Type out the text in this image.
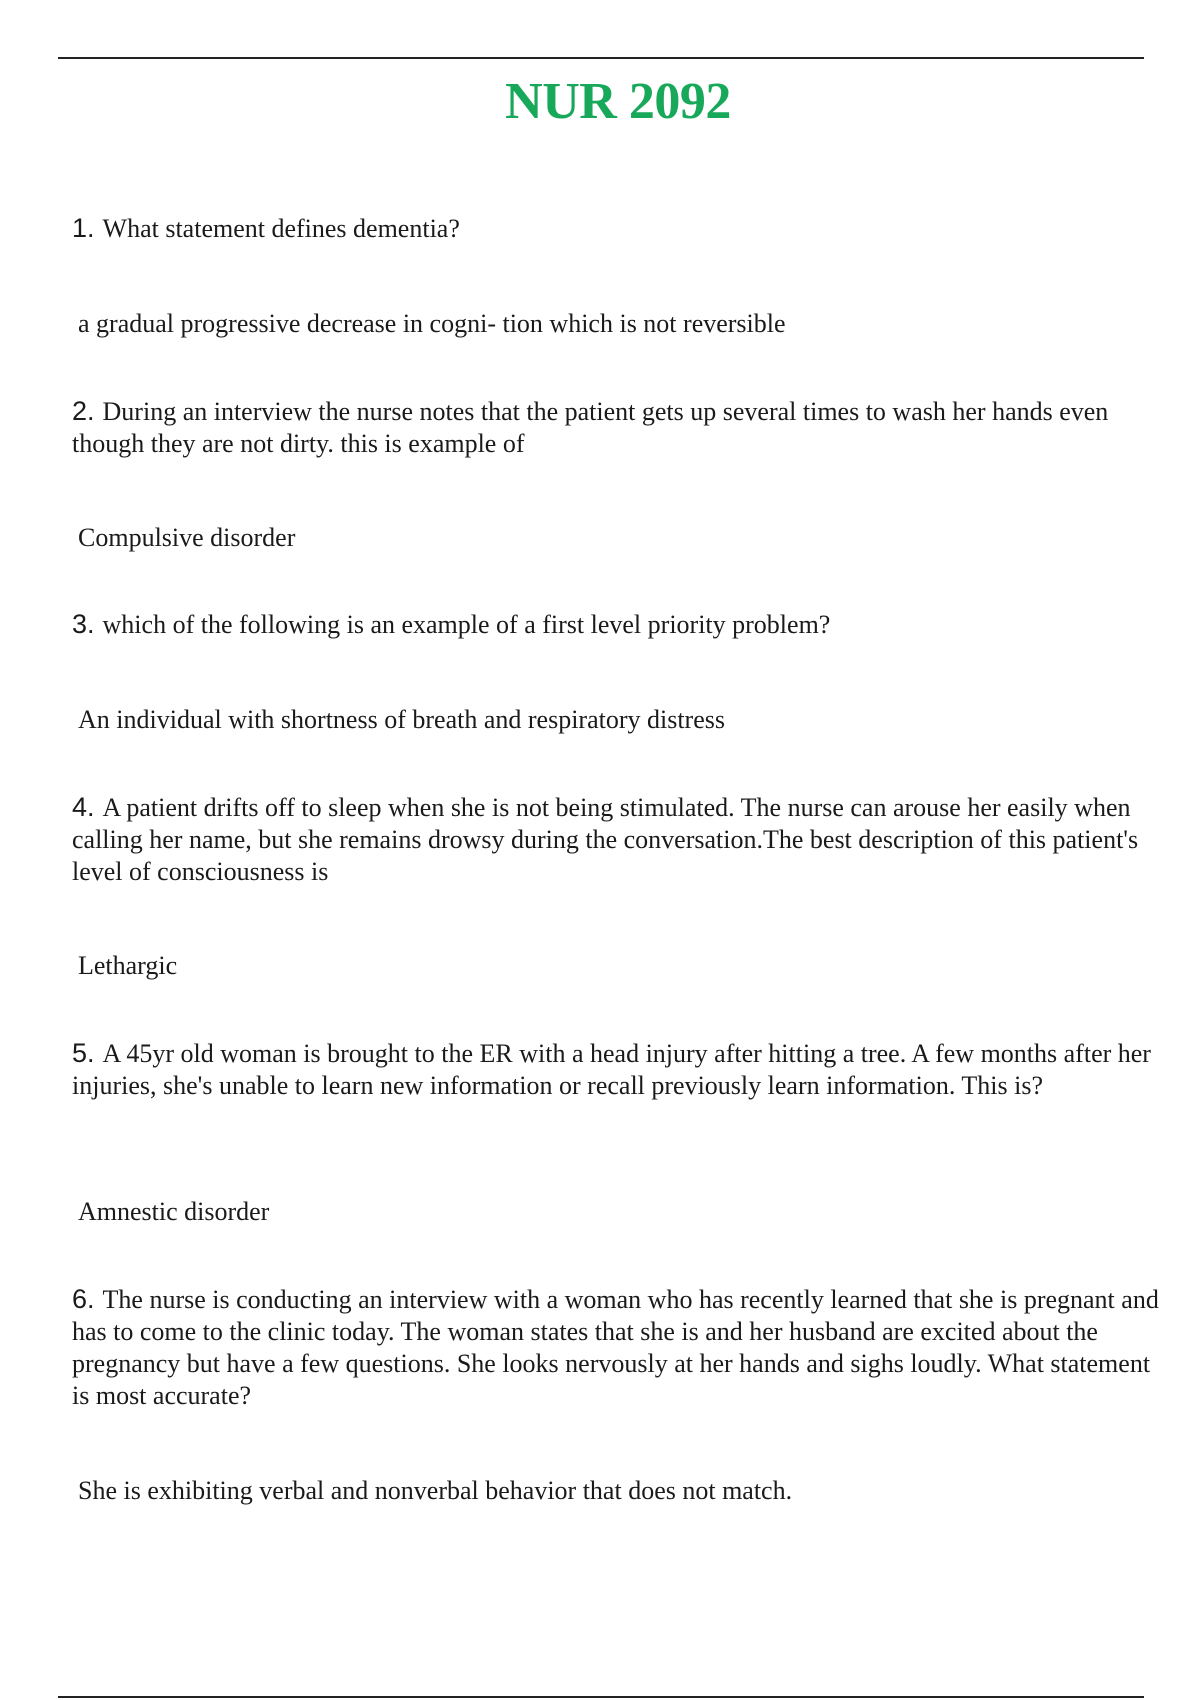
NUR 2092

1. What statement defines dementia?

a gradual progressive decrease in cogni- tion which is not reversible

2. During an interview the nurse notes that the patient gets up several times to wash her hands even though they are not dirty. this is example of

Compulsive disorder

3. which of the following is an example of a first level priority problem?

An individual with shortness of breath and respiratory distress

4. A patient drifts off to sleep when she is not being stimulated. The nurse can arouse her easily when calling her name, but she remains drowsy during the conversation.The best description of this patient's level of consciousness is

Lethargic

5. A 45yr old woman is brought to the ER with a head injury after hitting a tree. A few months after her injuries, she's unable to learn new information or recall previously learn information. This is?

Amnestic disorder

6. The nurse is conducting an interview with a woman who has recently learned that she is pregnant and has to come to the clinic today. The woman states that she is and her husband are excited about the pregnancy but have a few questions. She looks nervously at her hands and sighs loudly. What statement is most accurate?

She is exhibiting verbal and nonverbal behavior that does not match.
